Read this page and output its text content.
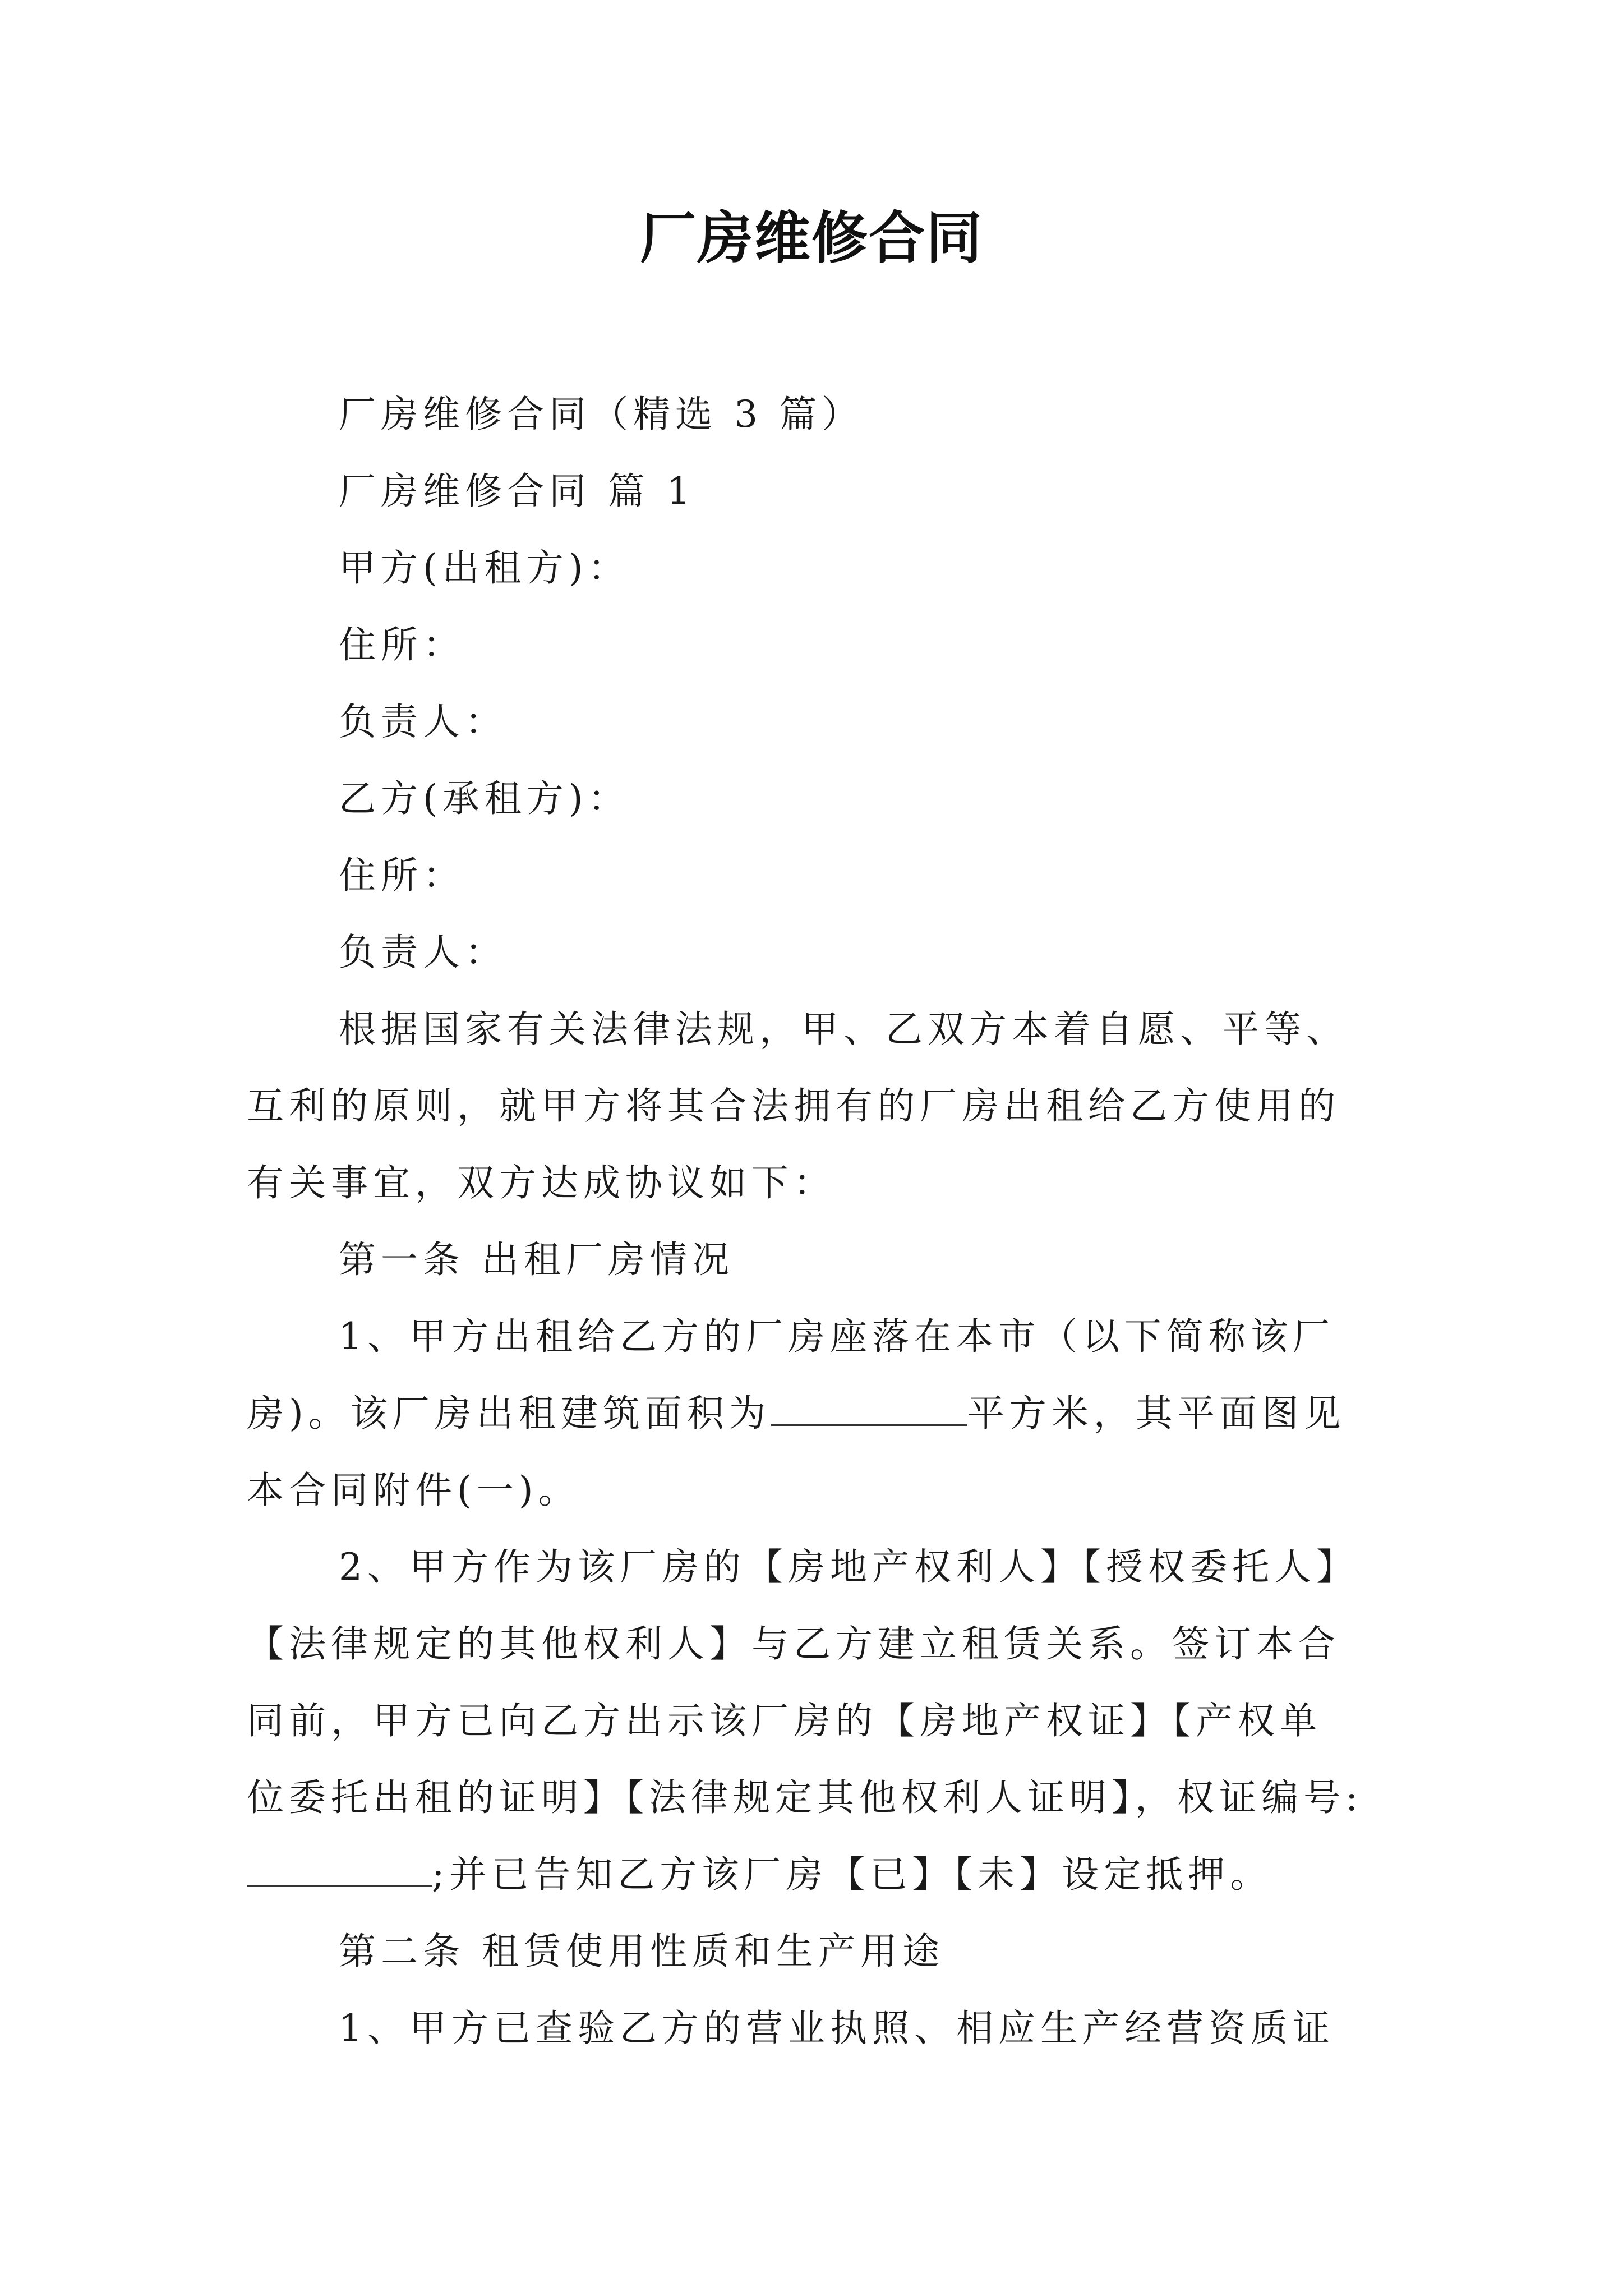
厂房维修合同
厂房维修合同（精选 3 篇）
厂房维修合同 篇 1
甲方(出租方)：
住所：
负责人：
乙方(承租方)：
住所：
负责人：
根据国家有关法律法规，甲、乙双方本着自愿、平等、
互利的原则，就甲方将其合法拥有的厂房出租给乙方使用的
有关事宜，双方达成协议如下：
第一条 出租厂房情况
1、甲方出租给乙方的厂房座落在本市（以下简称该厂
房)。该厂房出租建筑面积为	平方米，其平面图见
本合同附件(一)。
2、甲方作为该厂房的【房地产权利人】【授权委托人】
【法律规定的其他权利人】与乙方建立租赁关系。签订本合
同前，甲方已向乙方出示该厂房的【房地产权证】【产权单
位委托出租的证明】【法律规定其他权利人证明】，权证编号:
;并已告知乙方该厂房【已】【未】设定抵押。
第二条 租赁使用性质和生产用途
1、甲方已查验乙方的营业执照、相应生产经营资质证
